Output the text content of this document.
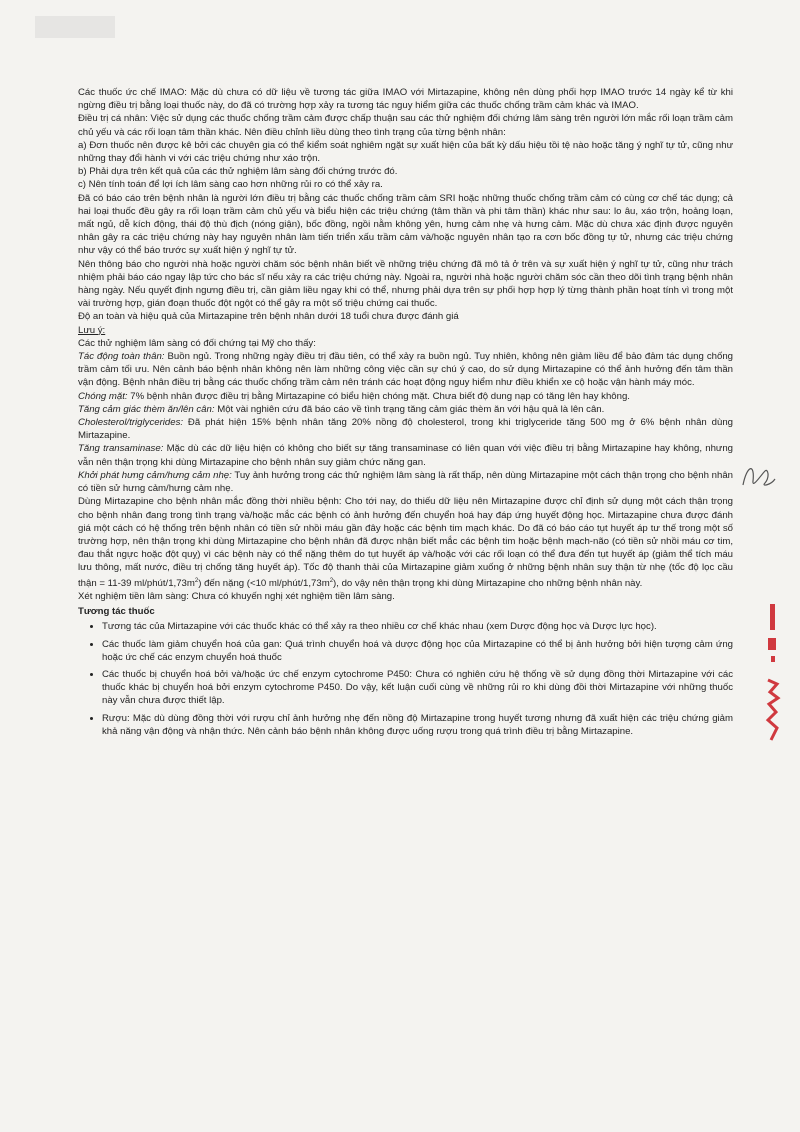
Các thuốc ức chế IMAO: Mặc dù chưa có dữ liệu về tương tác giữa IMAO với Mirtazapine, không nên dùng phối hợp IMAO trước 14 ngày kể từ khi ngừng điều trị bằng loại thuốc này, do đã có trường hợp xảy ra tương tác nguy hiểm giữa các thuốc chống trầm cảm khác và IMAO.

Điều trị cá nhân: Việc sử dụng các thuốc chống trầm cảm được chấp thuận sau các thử nghiệm đối chứng lâm sàng trên người lớn mắc rối loạn trầm cảm chủ yếu và các rối loạn tâm thần khác. Nên điều chỉnh liều dùng theo tình trạng của từng bệnh nhân:

a) Đơn thuốc nên được kê bởi các chuyên gia có thể kiểm soát nghiêm ngặt sự xuất hiện của bất kỳ dấu hiệu tồi tệ nào hoặc tăng ý nghĩ tự tử, cũng như những thay đổi hành vi với các triệu chứng như xáo trộn.

b) Phải dựa trên kết quả của các thử nghiệm lâm sàng đối chứng trước đó.

c) Nên tính toán để lợi ích lâm sàng cao hơn những rủi ro có thể xảy ra.

Đã có báo cáo trên bệnh nhân là người lớn điều trị bằng các thuốc chống trầm cảm SRI hoặc những thuốc chống trầm cảm có cùng cơ chế tác dụng; cả hai loại thuốc đều gây ra rối loạn trầm cảm chủ yếu và biểu hiện các triệu chứng (tâm thần và phi tâm thần) khác như sau: lo âu, xáo trộn, hoảng loạn, mất ngủ, dễ kích động, thái độ thù địch (nóng giận), bốc đồng, ngồi nằm không yên, hưng cảm nhẹ và hưng cảm. Mặc dù chưa xác định được nguyên nhân gây ra các triệu chứng này hay nguyên nhân làm tiến triển xấu trầm cảm và/hoặc nguyên nhân tạo ra cơn bốc đồng tự tử, nhưng các triệu chứng như vậy có thể báo trước sự xuất hiện ý nghĩ tự tử.

Nên thông báo cho người nhà hoặc người chăm sóc bệnh nhân biết về những triệu chứng đã mô tả ở trên và sự xuất hiện ý nghĩ tự tử, cũng như trách nhiệm phải báo cáo ngay lập tức cho bác sĩ nếu xảy ra các triệu chứng này. Ngoài ra, người nhà hoặc người chăm sóc cần theo dõi tình trạng bệnh nhân hàng ngày. Nếu quyết định ngưng điều trị, cần giảm liều ngay khi có thể, nhưng phải dựa trên sự phối hợp hợp lý từng thành phần hoạt tính vì trong một vài trường hợp, gián đoạn thuốc đột ngột có thể gây ra một số triệu chứng cai thuốc.

Độ an toàn và hiệu quả của Mirtazapine trên bệnh nhân dưới 18 tuổi chưa được đánh giá

Lưu ý:

Các thử nghiệm lâm sàng có đối chứng tại Mỹ cho thấy:

Tác động toàn thân: Buồn ngủ. Trong những ngày điều trị đầu tiên, có thể xảy ra buồn ngủ. Tuy nhiên, không nên giảm liều để bảo đảm tác dụng chống trầm cảm tối ưu. Nên cảnh báo bệnh nhân không nên làm những công việc cần sự chú ý cao, do sử dụng Mirtazapine có thể ảnh hưởng đến tâm thần vận động. Bệnh nhân điều trị bằng các thuốc chống trầm cảm nên tránh các hoạt động nguy hiểm như điều khiển xe cộ hoặc vận hành máy móc.

Chóng mặt: 7% bệnh nhân được điều trị bằng Mirtazapine có biểu hiện chóng mặt. Chưa biết độ dung nạp có tăng lên hay không.

Tăng cảm giác thèm ăn/lên cân: Một vài nghiên cứu đã báo cáo về tình trạng tăng cảm giác thèm ăn với hậu quả là lên cân.

Cholesterol/triglycerides: Đã phát hiện 15% bệnh nhân tăng 20% nồng độ cholesterol, trong khi triglyceride tăng 500 mg ở 6% bệnh nhân dùng Mirtazapine.

Tăng transaminase: Mặc dù các dữ liệu hiện có không cho biết sự tăng transaminase có liên quan với việc điều trị bằng Mirtazapine hay không, nhưng vẫn nên thận trọng khi dùng Mirtazapine cho bệnh nhân suy giảm chức năng gan.

Khởi phát hưng cảm/hưng cảm nhẹ: Tuy ảnh hưởng trong các thử nghiệm lâm sàng là rất thấp, nên dùng Mirtazapine một cách thận trọng cho bệnh nhân có tiền sử hưng cảm/hưng cảm nhẹ.

Dùng Mirtazapine cho bệnh nhân mắc đồng thời nhiều bệnh: Cho tới nay, do thiếu dữ liệu nên Mirtazapine được chỉ định sử dụng một cách thận trọng cho bệnh nhân đang trong tình trạng và/hoặc mắc các bệnh có ảnh hưởng đến chuyển hoá hay đáp ứng huyết động học. Mirtazapine chưa được đánh giá một cách có hệ thống trên bệnh nhân có tiền sử nhồi máu gần đây hoặc các bệnh tim mạch khác. Do đã có báo cáo tụt huyết áp tư thế trong một số trường hợp, nên thận trọng khi dùng Mirtazapine cho bệnh nhân đã được nhận biết mắc các bệnh tim hoặc bệnh mạch-não (có tiền sử nhồi máu cơ tim, đau thắt ngực hoặc đột quỵ) vì các bệnh này có thể nặng thêm do tụt huyết áp và/hoặc với các rối loạn có thể đưa đến tụt huyết áp (giảm thể tích máu lưu thông, mất nước, điều trị chống tăng huyết áp). Tốc độ thanh thải của Mirtazapine giảm xuống ở những bệnh nhân suy thận từ nhẹ (tốc độ lọc cầu thận = 11-39 $ml/phút/1,73m^2$) đến nặng (<10 $ml/phút/1,73m^2$), do vậy nên thận trọng khi dùng Mirtazapine cho những bệnh nhân này.

Xét nghiệm tiền lâm sàng: Chưa có khuyến nghị xét nghiệm tiền lâm sàng.

Tương tác thuốc

• Tương tác của Mirtazapine với các thuốc khác có thể xảy ra theo nhiều cơ chế khác nhau (xem Dược động học và Dược lực học).
• Các thuốc làm giảm chuyển hoá của gan: Quá trình chuyển hoá và dược động học của Mirtazapine có thể bị ảnh hưởng bởi hiện tượng cảm ứng hoặc ức chế các enzym chuyển hoá thuốc
• Các thuốc bị chuyển hoá bởi và/hoặc ức chế enzym cytochrome P450: Chưa có nghiên cứu hệ thống về sử dụng đồng thời Mirtazapine với các thuốc khác bị chuyển hoá bởi enzym cytochrome P450. Do vậy, kết luận cuối cùng về những rủi ro khi dùng đồi thời Mirtazapine với những thuốc này vẫn chưa được thiết lập.
• Rượu: Mặc dù dùng đồng thời với rượu chỉ ảnh hưởng nhẹ đến nồng độ Mirtazapine trong huyết tương nhưng đã xuất hiện các triệu chứng giảm khả năng vận động và nhận thức. Nên cảnh báo bệnh nhân không được uống rượu trong quá trình điều trị bằng Mirtazapine.
